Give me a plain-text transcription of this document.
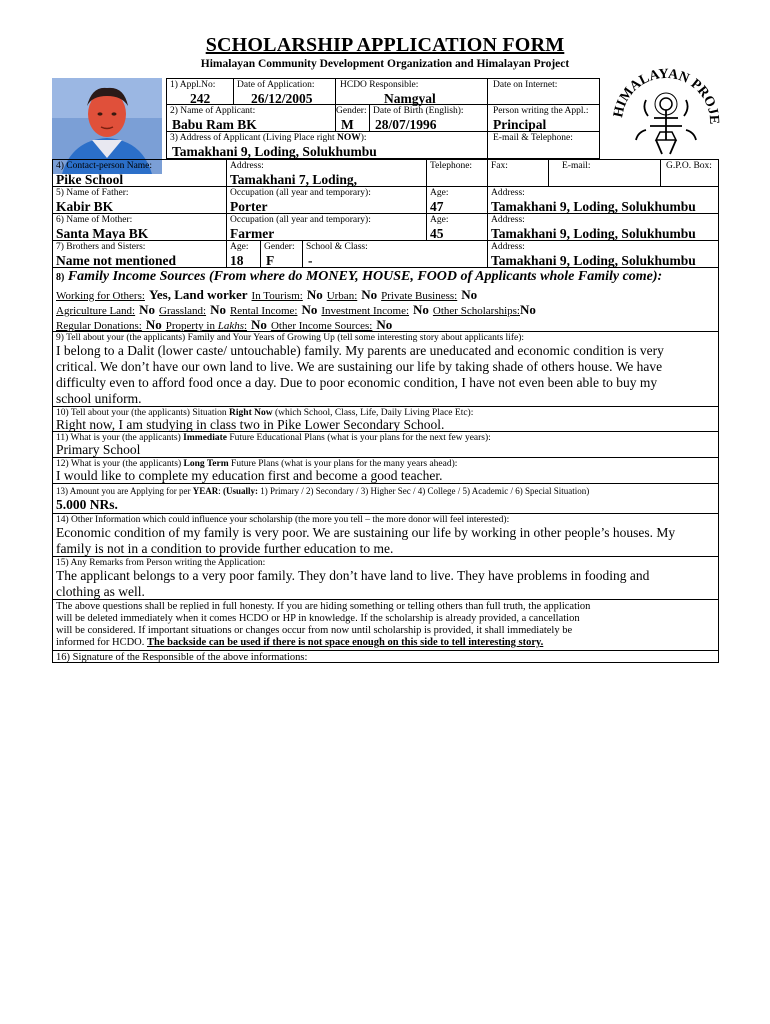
SCHOLARSHIP APPLICATION FORM
Himalayan Community Development Organization and Himalayan Project
HIMALAYAN PROJE
1) Appl.No:
242
Date of Application:
26/12/2005
HCDO Responsible:
Namgyal
Date on Internet:
2) Name of Applicant:
Babu Ram BK
Gender:
M
Date of Birth (English):
28/07/1996
Person writing the Appl.:
Principal
3) Address of Applicant (Living Place right NOW):
Tamakhani 9, Loding, Solukhumbu
E-mail & Telephone:
4) Contact-person Name:
Pike School
Address:
Tamakhani 7, Loding,
Telephone: Fax:	E-mail:	G.P.O. Box:
5) Name of Father:
Kabir BK
Occupation (all year and temporary):
Porter
Age:
47
Address:
Tamakhani 9, Loding, Solukhumbu
6) Name of Mother:
Santa Maya BK
Occupation (all year and temporary):
Farmer
Age:
45
Address:
Tamakhani 9, Loding, Solukhumbu
7) Brothers and Sisters:
Name not mentioned
Age:
18
Gender:
F
School & Class:
-
Address:
Tamakhani 9, Loding, Solukhumbu
8) Family Income Sources (From where do MONEY, HOUSE, FOOD of Applicants whole Family come):
Working for Others: Yes, Land worker In Tourism: No Urban: No Private Business: No
Agriculture Land: No Grassland: No Rental Income: No Investment Income: No Other Scholarships:No
Regular Donations: No Property in Lakhs: No Other Income Sources: No
9) Tell about your (the applicants) Family and Your Years of Growing Up (tell some interesting story about applicants life):
I belong to a Dalit (lower caste/ untouchable) family. My parents are uneducated and economic condition is very
critical. We don’t have our own land to live. We are sustaining our life by taking shade of others house. We have
difficulty even to afford food once a day. Due to poor economic condition, I have not even been able to buy my
school uniform.
10) Tell about your (the applicants) Situation Right Now (which School, Class, Life, Daily Living Place Etc):
Right now, I am studying in class two in Pike Lower Secondary School.
11) What is your (the applicants) Immediate Future Educational Plans (what is your plans for the next few years):
Primary School
12) What is your (the applicants) Long Term Future Plans (what is your plans for the many years ahead):
I would like to complete my education first and become a good teacher.
13) Amount you are Applying for per YEAR: (Usually: 1) Primary / 2) Secondary / 3) Higher Sec / 4) College / 5) Academic / 6) Special Situation)
5.000 NRs.
14) Other Information which could influence your scholarship (the more you tell – the more donor will feel interested):
Economic condition of my family is very poor. We are sustaining our life by working in other people’s houses. My
family is not in a condition to provide further education to me.
15) Any Remarks from Person writing the Application:
The applicant belongs to a very poor family. They don’t have land to live. They have problems in fooding and
clothing as well.
The above questions shall be replied in full honesty. If you are hiding something or telling others than full truth, the application
will be deleted immediately when it comes HCDO or HP in knowledge. If the scholarship is already provided, a cancellation
will be considered. If important situations or changes occur from now until scholarship is provided, it shall immediately be
informed for HCDO. The backside can be used if there is not space enough on this side to tell interesting story.
16) Signature of the Responsible of the above informations:
